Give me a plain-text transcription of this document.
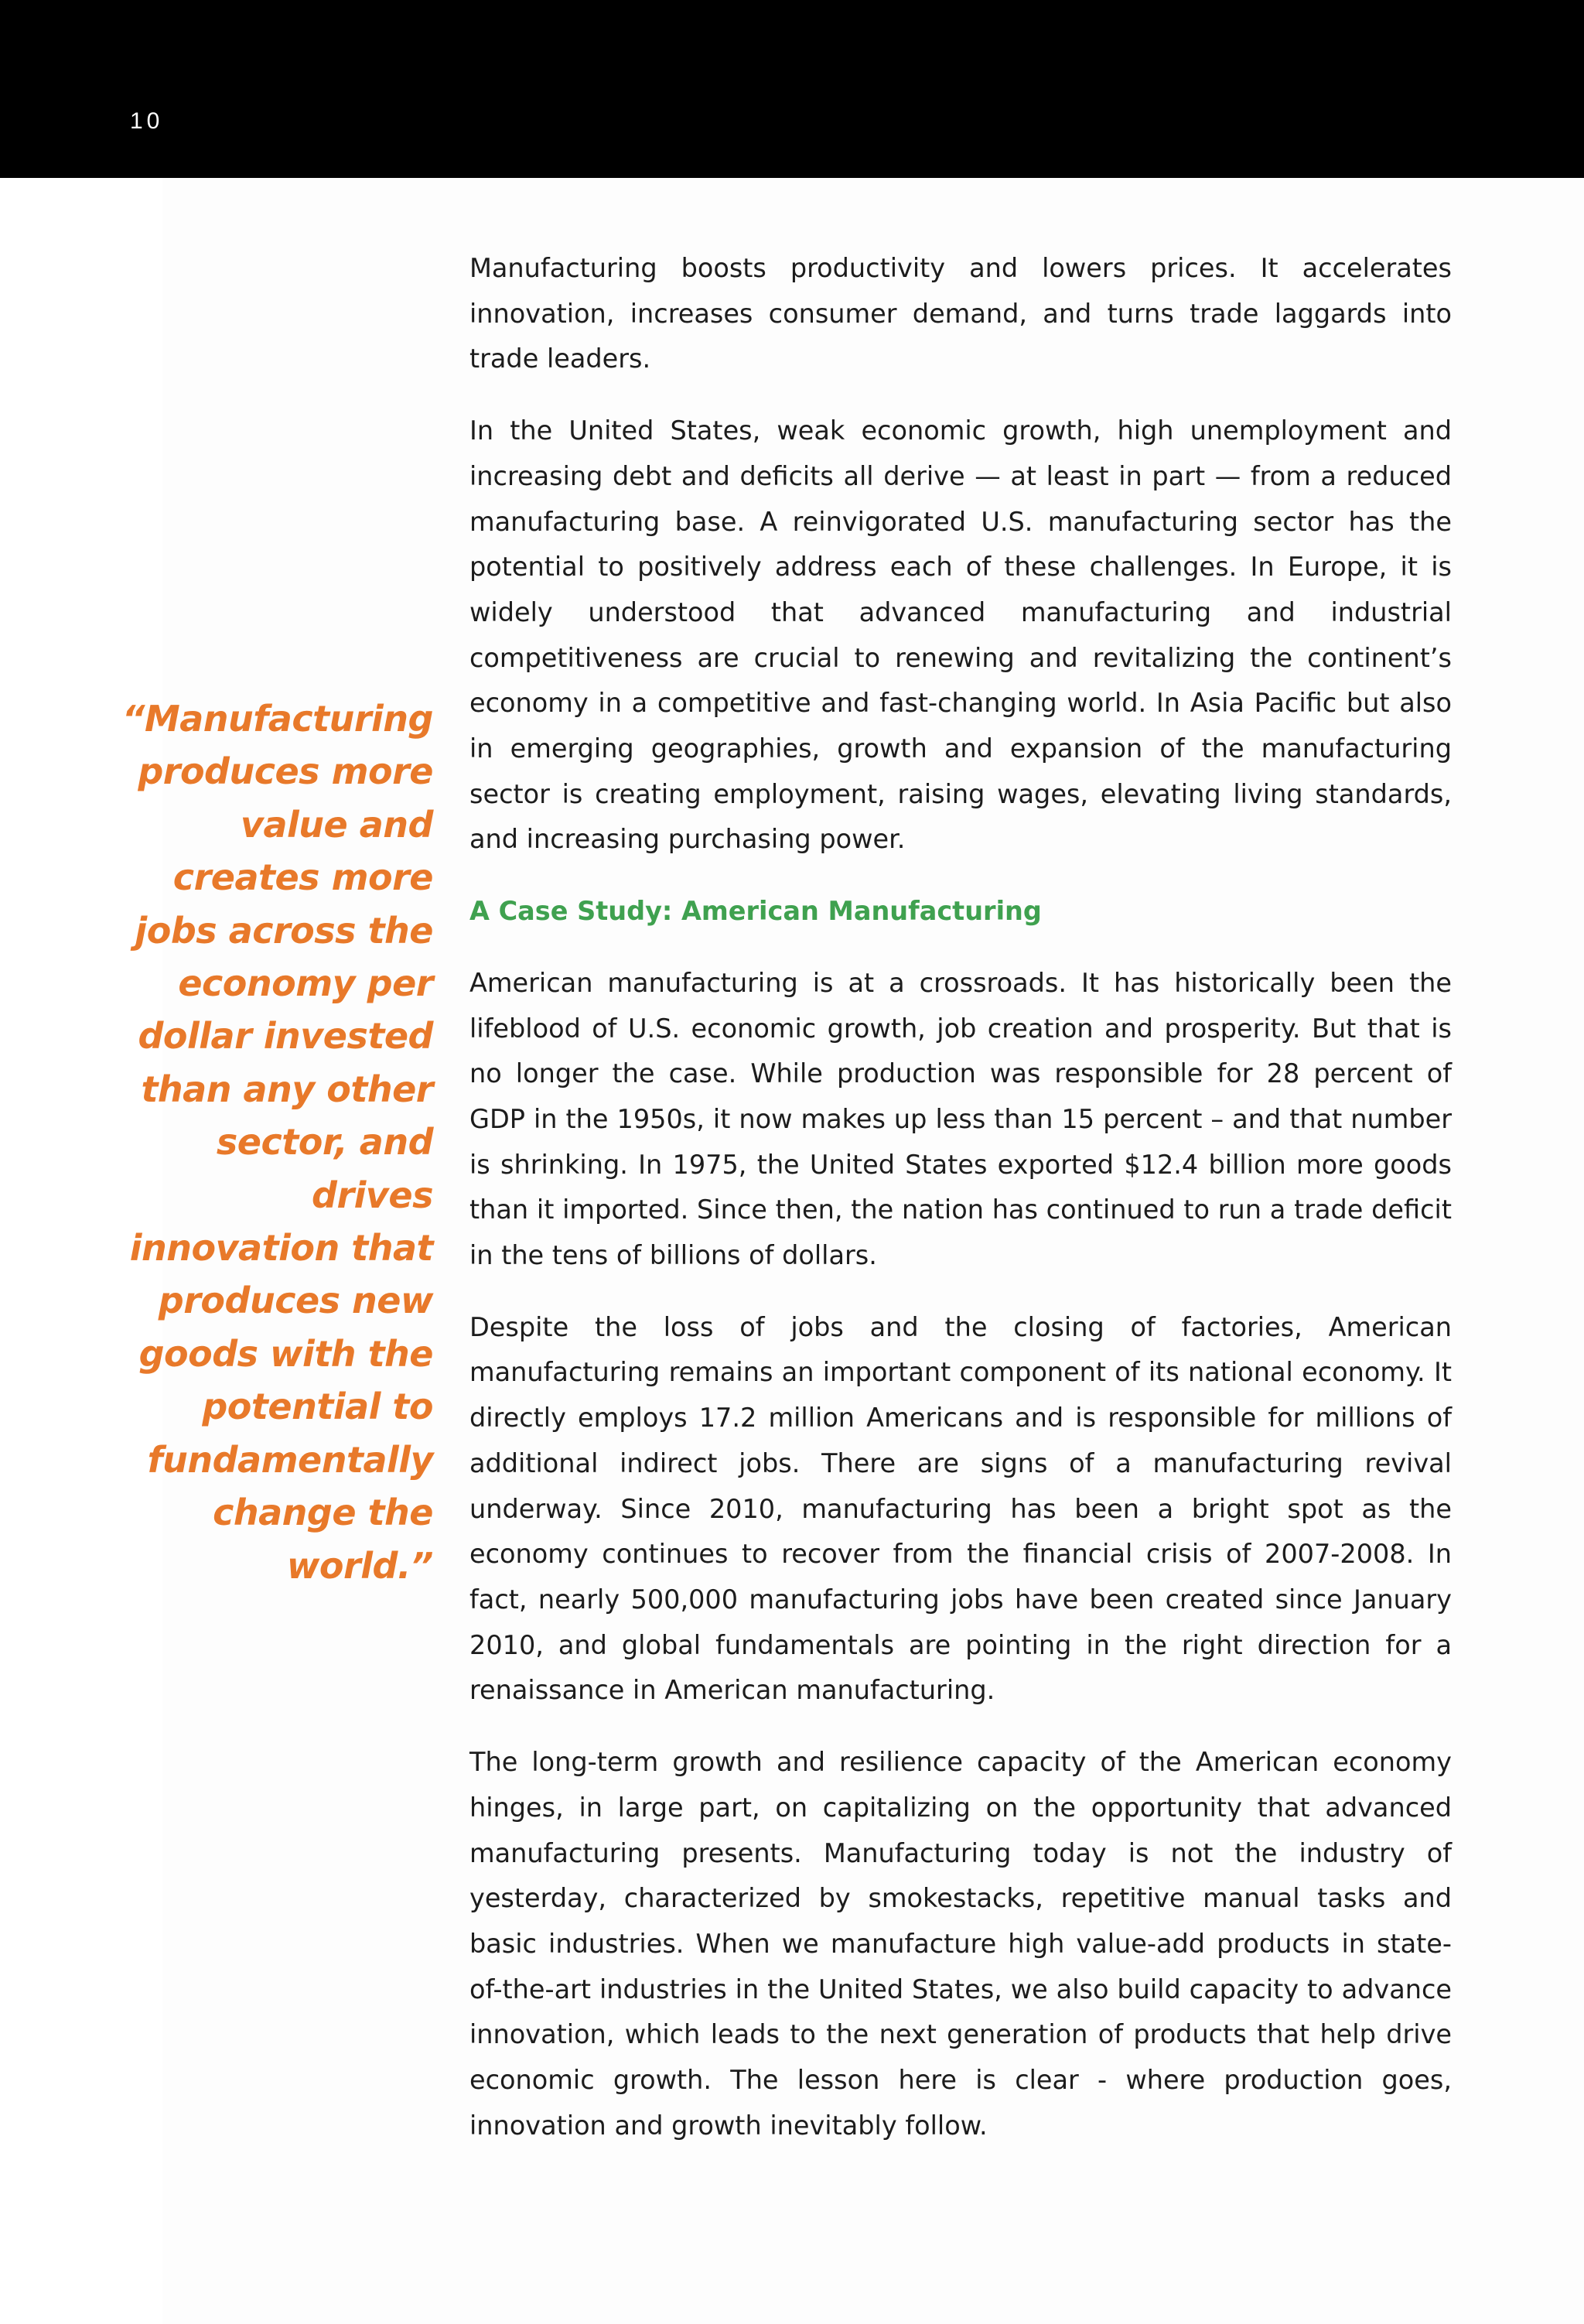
10
“Manufacturing produces more value and creates more jobs across the economy per dollar invested than any other sector, and drives innovation that produces new goods with the potential to fundamentally change the world.”

Manufacturing boosts productivity and lowers prices. It accelerates innovation, increases consumer demand, and turns trade laggards into trade leaders.

In the United States, weak economic growth, high unemployment and increasing debt and deficits all derive — at least in part — from a reduced manufacturing base. A reinvigorated U.S. manufacturing sector has the potential to positively address each of these challenges. In Europe, it is widely understood that advanced manufacturing and industrial competitiveness are crucial to renewing and revitalizing the continent’s economy in a competitive and fast-changing world. In Asia Pacific but also in emerging geographies, growth and expansion of the manufacturing sector is creating employment, raising wages, elevating living standards, and increasing purchasing power.

A Case Study: American Manufacturing

American manufacturing is at a crossroads. It has historically been the lifeblood of U.S. economic growth, job creation and prosperity. But that is no longer the case. While production was responsible for 28 percent of GDP in the 1950s, it now makes up less than 15 percent – and that number is shrinking. In 1975, the United States exported $12.4 billion more goods than it imported. Since then, the nation has continued to run a trade deficit in the tens of billions of dollars.

Despite the loss of jobs and the closing of factories, American manufacturing remains an important component of its national economy. It directly employs 17.2 million Americans and is responsible for millions of additional indirect jobs. There are signs of a manufacturing revival underway. Since 2010, manufacturing has been a bright spot as the economy continues to recover from the financial crisis of 2007-2008. In fact, nearly 500,000 manufacturing jobs have been created since January 2010, and global fundamentals are pointing in the right direction for a renaissance in American manufacturing.

The long-term growth and resilience capacity of the American economy hinges, in large part, on capitalizing on the opportunity that advanced manufacturing presents. Manufacturing today is not the industry of yesterday, characterized by smokestacks, repetitive manual tasks and basic industries. When we manufacture high value-add products in state-of-the-art industries in the United States, we also build capacity to advance innovation, which leads to the next generation of products that help drive economic growth. The lesson here is clear - where production goes, innovation and growth inevitably follow.
